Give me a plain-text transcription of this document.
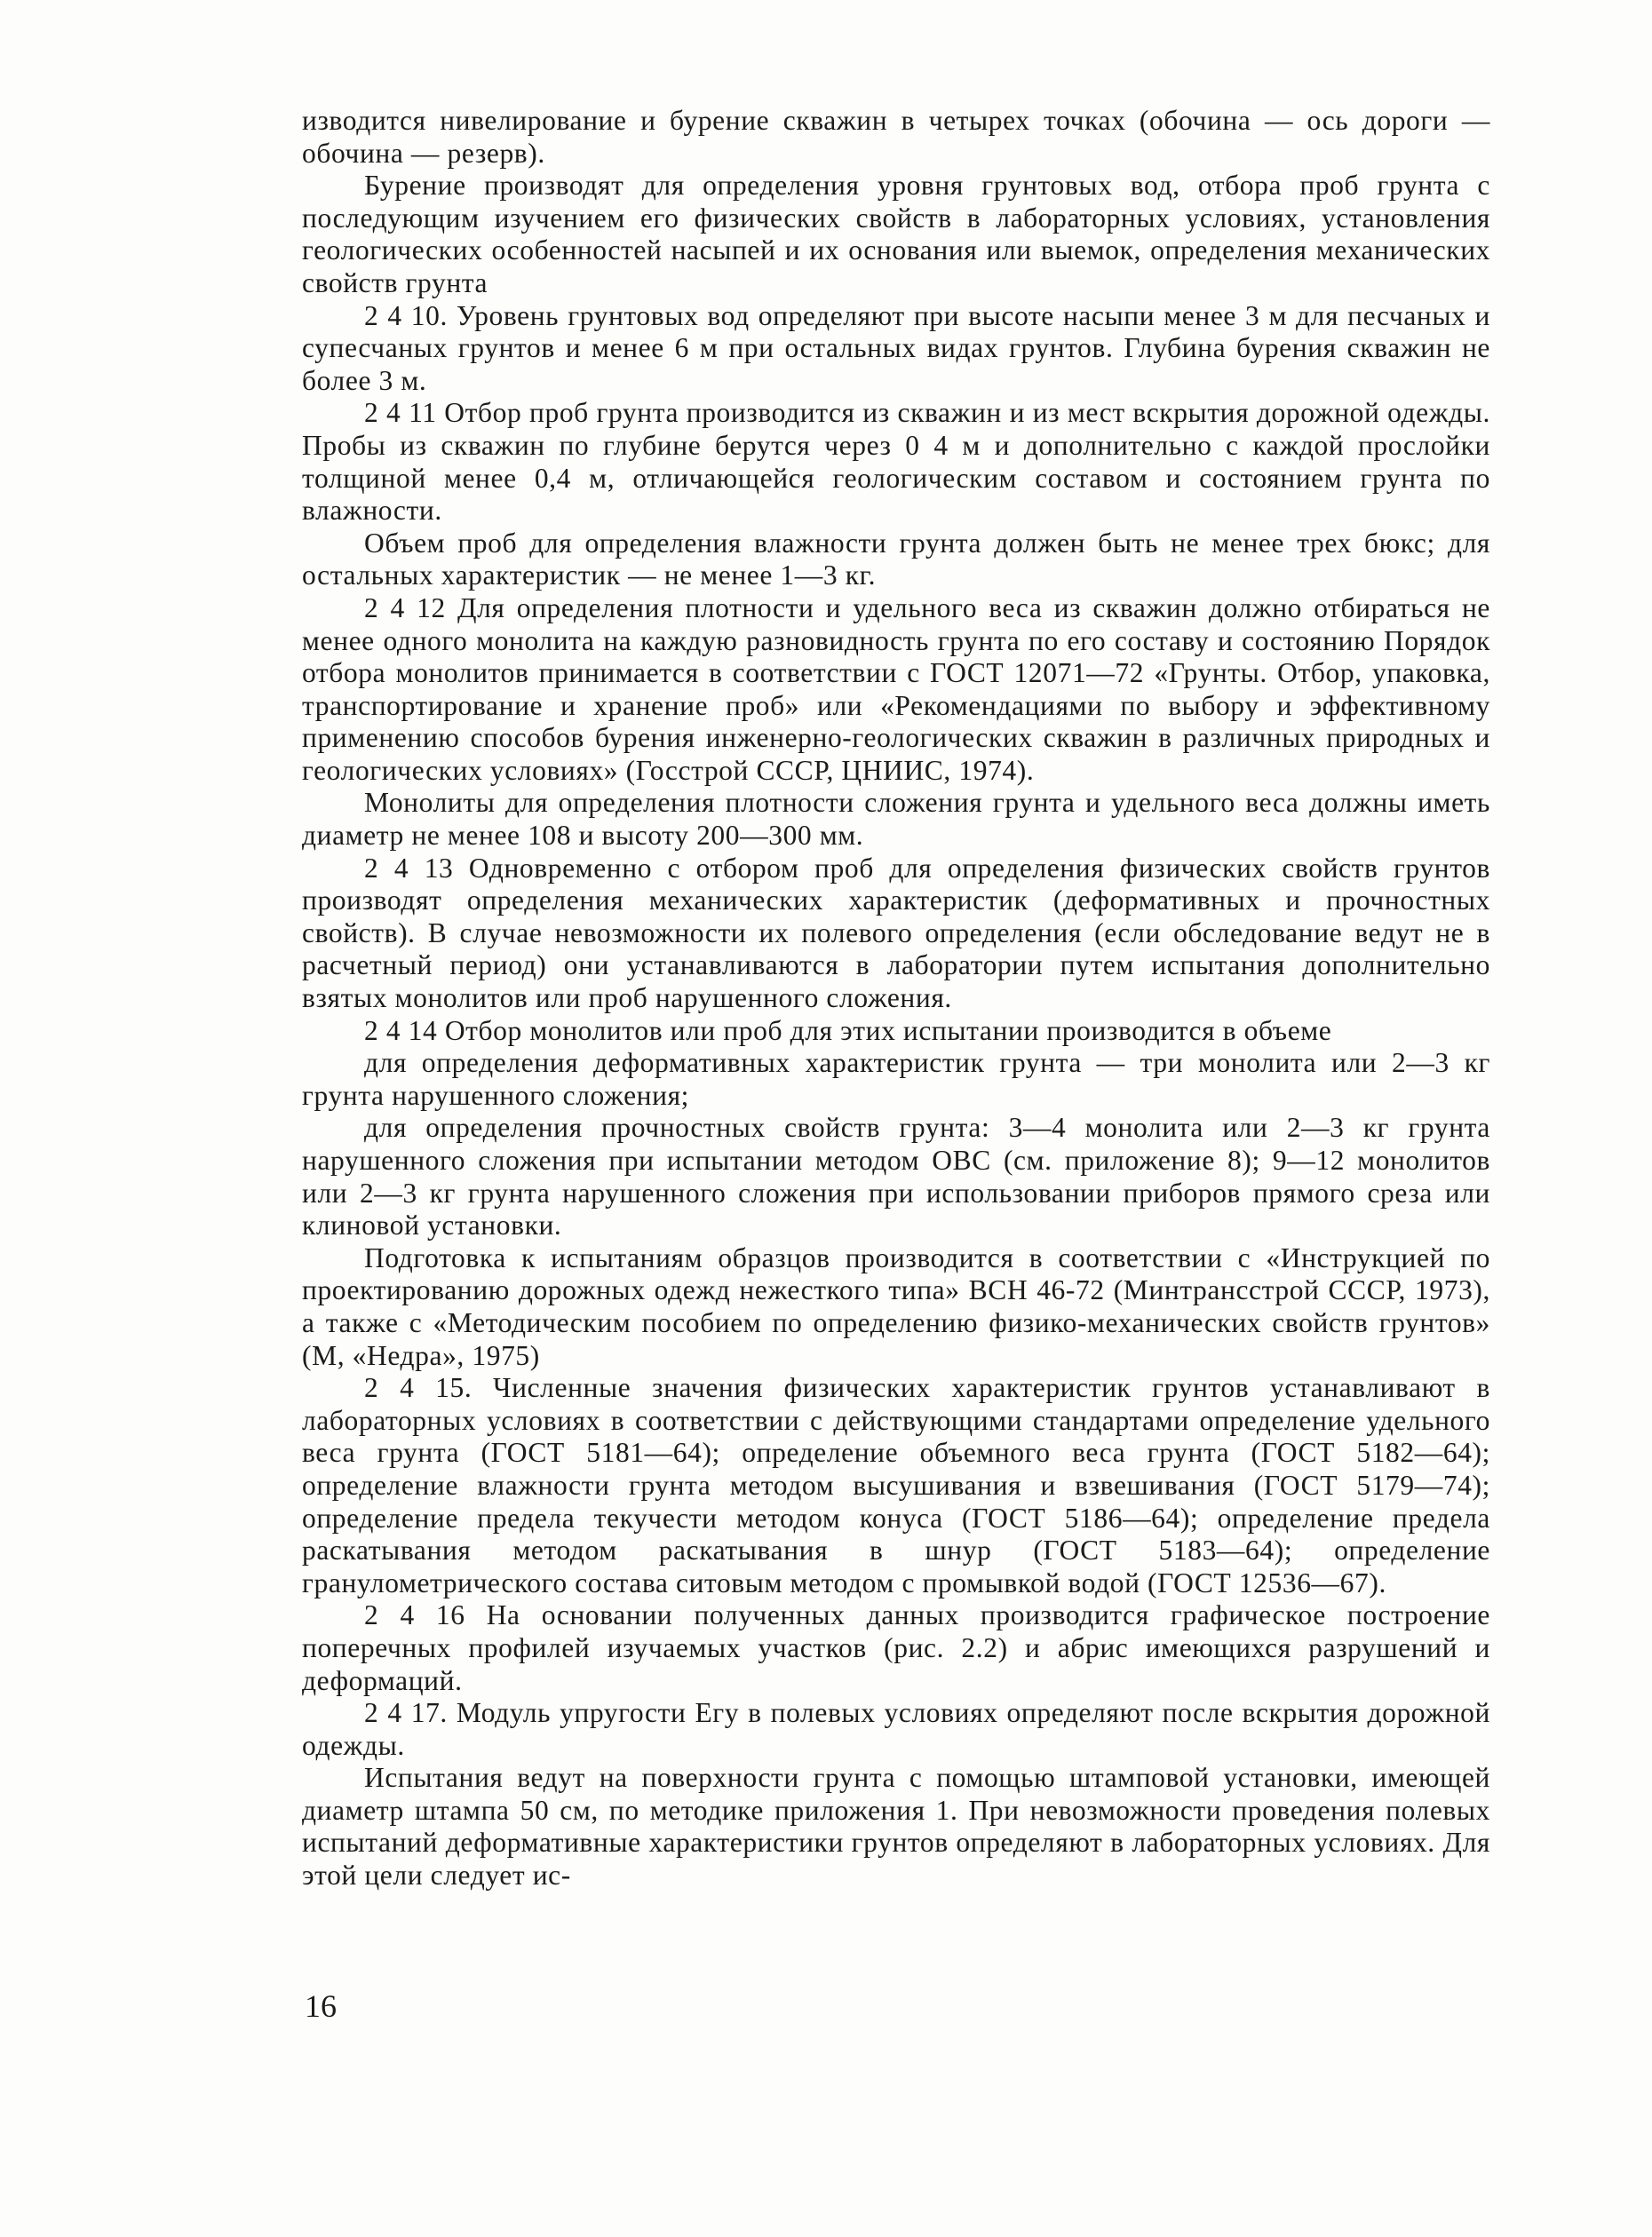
изводится нивелирование и бурение скважин в четырех точках (обочина — ось дороги — обочина — резерв).

Бурение производят для определения уровня грунтовых вод, отбора проб грунта с последующим изучением его физических свойств в лабораторных условиях, установления геологических особенностей насыпей и их основания или выемок, определения механических свойств грунта

2 4 10. Уровень грунтовых вод определяют при высоте насыпи менее 3 м для песчаных и супесчаных грунтов и менее 6 м при остальных видах грунтов. Глубина бурения скважин не более 3 м.

2 4 11 Отбор проб грунта производится из скважин и из мест вскрытия дорожной одежды. Пробы из скважин по глубине берутся через 0 4 м и дополнительно с каждой прослойки толщиной менее 0,4 м, отличающейся геологическим составом и состоянием грунта по влажности.

Объем проб для определения влажности грунта должен быть не менее трех бюкс; для остальных характеристик — не менее 1—3 кг.

2 4 12 Для определения плотности и удельного веса из скважин должно отбираться не менее одного монолита на каждую разновидность грунта по его составу и состоянию Порядок отбора монолитов принимается в соответствии с ГОСТ 12071—72 «Грунты. Отбор, упаковка, транспортирование и хранение проб» или «Рекомендациями по выбору и эффективному применению способов бурения инженерно-геологических скважин в различных природных и геологических условиях» (Госстрой СССР, ЦНИИС, 1974).

Монолиты для определения плотности сложения грунта и удельного веса должны иметь диаметр не менее 108 и высоту 200—300 мм.

2 4 13 Одновременно с отбором проб для определения физических свойств грунтов производят определения механических характеристик (деформативных и прочностных свойств). В случае невозможности их полевого определения (если обследование ведут не в расчетный период) они устанавливаются в лаборатории путем испытания дополнительно взятых монолитов или проб нарушенного сложения.

2 4 14 Отбор монолитов или проб для этих испытании производится в объеме

для определения деформативных характеристик грунта — три монолита или 2—3 кг грунта нарушенного сложения;

для определения прочностных свойств грунта: 3—4 монолита или 2—3 кг грунта нарушенного сложения при испытании методом ОВС (см. приложение 8); 9—12 монолитов или 2—3 кг грунта нарушенного сложения при использовании приборов прямого среза или клиновой установки.

Подготовка к испытаниям образцов производится в соответствии с «Инструкцией по проектированию дорожных одежд нежесткого типа» ВСН 46-72 (Минтрансстрой СССР, 1973), а также с «Методическим пособием по определению физико-механических свойств грунтов» (М, «Недра», 1975)

2 4 15. Численные значения физических характеристик грунтов устанавливают в лабораторных условиях в соответствии с действующими стандартами определение удельного веса грунта (ГОСТ 5181—64); определение объемного веса грунта (ГОСТ 5182—64); определение влажности грунта методом высушивания и взвешивания (ГОСТ 5179—74); определение предела текучести методом конуса (ГОСТ 5186—64); определение предела раскатывания методом раскатывания в шнур (ГОСТ 5183—64); определение гранулометрического состава ситовым методом с промывкой водой (ГОСТ 12536—67).

2 4 16 На основании полученных данных производится графическое построение поперечных профилей изучаемых участков (рис. 2.2) и абрис имеющихся разрушений и деформаций.

2 4 17. Модуль упругости Eгу в полевых условиях определяют после вскрытия дорожной одежды.

Испытания ведут на поверхности грунта с помощью штамповой установки, имеющей диаметр штампа 50 см, по методике приложения 1. При невозможности проведения полевых испытаний деформативные характеристики грунтов определяют в лабораторных условиях. Для этой цели следует ис-

16
